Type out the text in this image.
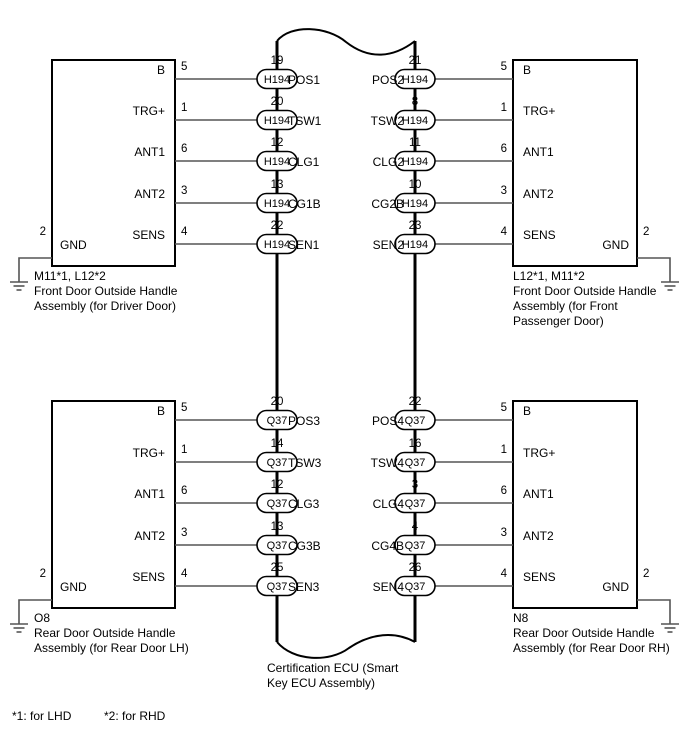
Certification ECU (Smart
Key ECU Assembly)
B 5
H194
19
POS1
TRG+ 1
H194
20
TSW1
ANT1 6
H194
12
CLG1
ANT2 3
H194
13
CG1B
SENS 4
H194
22
SEN1
GND
2
M11*1, L12*2
Front Door Outside Handle
Assembly (for Driver Door)
B
5
H194
21
POS2
TRG+
1
H194
8
TSW2
ANT1
6
H194
11
CLG2
ANT2
3
H194
10
CG2B
SENS
4
H194
23
SEN2	GND
2
L12*1, M11*2
Front Door Outside Handle
Assembly (for Front
Passenger Door)
B 5
Q37
20
POS3
TRG+ 1
Q37
14
TSW3
ANT1 6
Q37
12
CLG3
ANT2 3
Q37
13
CG3B
SENS 4
Q37
25
SEN3
GND
2
O8
Rear Door Outside Handle
Assembly (for Rear Door LH)
B
5
Q37
22
POS4
TRG+
1
Q37
16
TSW4
ANT1
6
Q37
3
CLG4
ANT2
3
Q37
4
CG4B
SENS
4
Q37
26
SEN4	GND
2
N8
Rear Door Outside Handle
Assembly (for Rear Door RH)
*1: for LHD	*2: for RHD
